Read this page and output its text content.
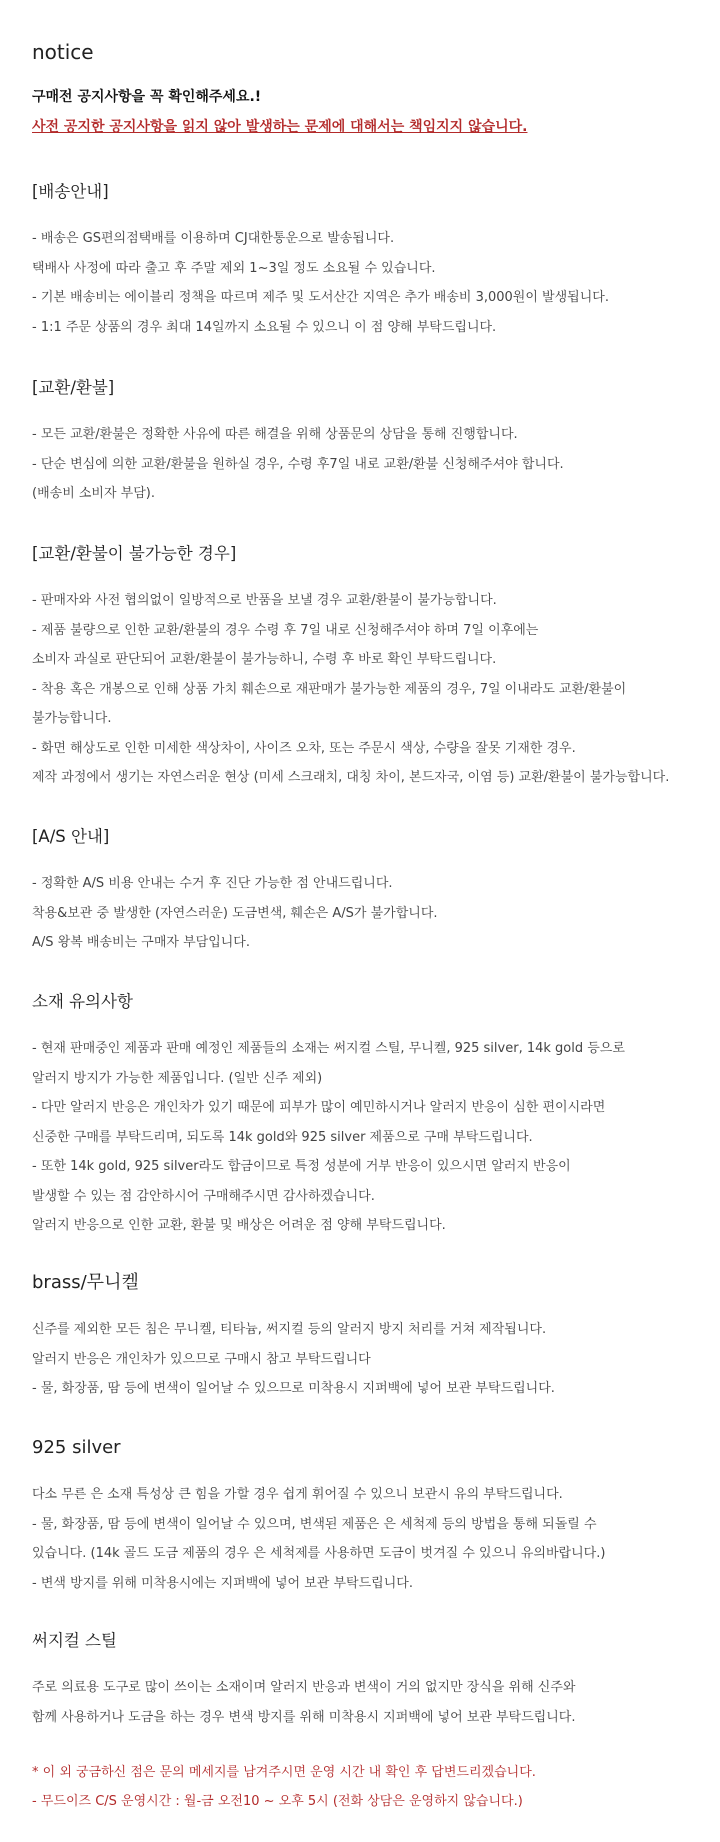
notice
구매전 공지사항을 꼭 확인해주세요.!
사전 공지한 공지사항을 읽지 않아 발생하는 문제에 대해서는 책임지지 않습니다.
[배송안내]
- 배송은 GS편의점택배를 이용하며 CJ대한통운으로 발송됩니다.
택배사 사정에 따라 출고 후 주말 제외 1~3일 정도 소요될 수 있습니다.
- 기본 배송비는 에이블리 정책을 따르며 제주 및 도서산간 지역은 추가 배송비 3,000원이 발생됩니다.
- 1:1 주문 상품의 경우 최대 14일까지 소요될 수 있으니 이 점 양해 부탁드립니다.
[교환/환불]
- 모든 교환/환불은 정확한 사유에 따른 해결을 위해 상품문의 상담을 통해 진행합니다.
- 단순 변심에 의한 교환/환불을 원하실 경우, 수령 후7일 내로 교환/환불 신청해주셔야 합니다.
(배송비 소비자 부담).
[교환/환불이 불가능한 경우]
- 판매자와 사전 협의없이 일방적으로 반품을 보낼 경우 교환/환불이 불가능합니다.
- 제품 불량으로 인한 교환/환불의 경우 수령 후 7일 내로 신청해주셔야 하며 7일 이후에는
소비자 과실로 판단되어 교환/환불이 불가능하니, 수령 후 바로 확인 부탁드립니다.
- 착용 혹은 개봉으로 인해 상품 가치 훼손으로 재판매가 불가능한 제품의 경우, 7일 이내라도 교환/환불이
불가능합니다.
- 화면 해상도로 인한 미세한 색상차이, 사이즈 오차, 또는 주문시 색상, 수량을 잘못 기재한 경우.
제작 과정에서 생기는 자연스러운 현상 (미세 스크래치, 대칭 차이, 본드자국, 이염 등) 교환/환불이 불가능합니다.
[A/S 안내]
- 정확한 A/S 비용 안내는 수거 후 진단 가능한 점 안내드립니다.
착용&보관 중 발생한 (자연스러운) 도금변색, 훼손은 A/S가 불가합니다.
A/S 왕복 배송비는 구매자 부담입니다.
소재 유의사항
- 현재 판매중인 제품과 판매 예정인 제품들의 소재는 써지컬 스틸, 무니켈, 925 silver, 14k gold 등으로
알러지 방지가 가능한 제품입니다. (일반 신주 제외)
- 다만 알러지 반응은 개인차가 있기 때문에 피부가 많이 예민하시거나 알러지 반응이 심한 편이시라면
신중한 구매를 부탁드리며, 되도록 14k gold와 925 silver 제품으로 구매 부탁드립니다.
- 또한 14k gold, 925 silver라도 합금이므로 특정 성분에 거부 반응이 있으시면 알러지 반응이
발생할 수 있는 점 감안하시어 구매해주시면 감사하겠습니다.
알러지 반응으로 인한 교환, 환불 및 배상은 어려운 점 양해 부탁드립니다.
brass/무니켈
신주를 제외한 모든 침은 무니켈, 티타늄, 써지컬 등의 알러지 방지 처리를 거쳐 제작됩니다.
알러지 반응은 개인차가 있으므로 구매시 참고 부탁드립니다
- 물, 화장품, 땀 등에 변색이 일어날 수 있으므로 미착용시 지퍼백에 넣어 보관 부탁드립니다.
925 silver
다소 무른 은 소재 특성상 큰 힘을 가할 경우 쉽게 휘어질 수 있으니 보관시 유의 부탁드립니다.
- 물, 화장품, 땀 등에 변색이 일어날 수 있으며, 변색된 제품은 은 세척제 등의 방법을 통해 되돌릴 수
있습니다. (14k 골드 도금 제품의 경우 은 세척제를 사용하면 도금이 벗겨질 수 있으니 유의바랍니다.)
- 변색 방지를 위해 미착용시에는 지퍼백에 넣어 보관 부탁드립니다.
써지컬 스틸
주로 의료용 도구로 많이 쓰이는 소재이며 알러지 반응과 변색이 거의 없지만 장식을 위해 신주와
함께 사용하거나 도금을 하는 경우 변색 방지를 위해 미착용시 지퍼백에 넣어 보관 부탁드립니다.
* 이 외 궁금하신 점은 문의 메세지를 남겨주시면 운영 시간 내 확인 후 답변드리겠습니다.
- 무드이즈 C/S 운영시간 : 월-금 오전10 ~ 오후 5시 (전화 상담은 운영하지 않습니다.)
